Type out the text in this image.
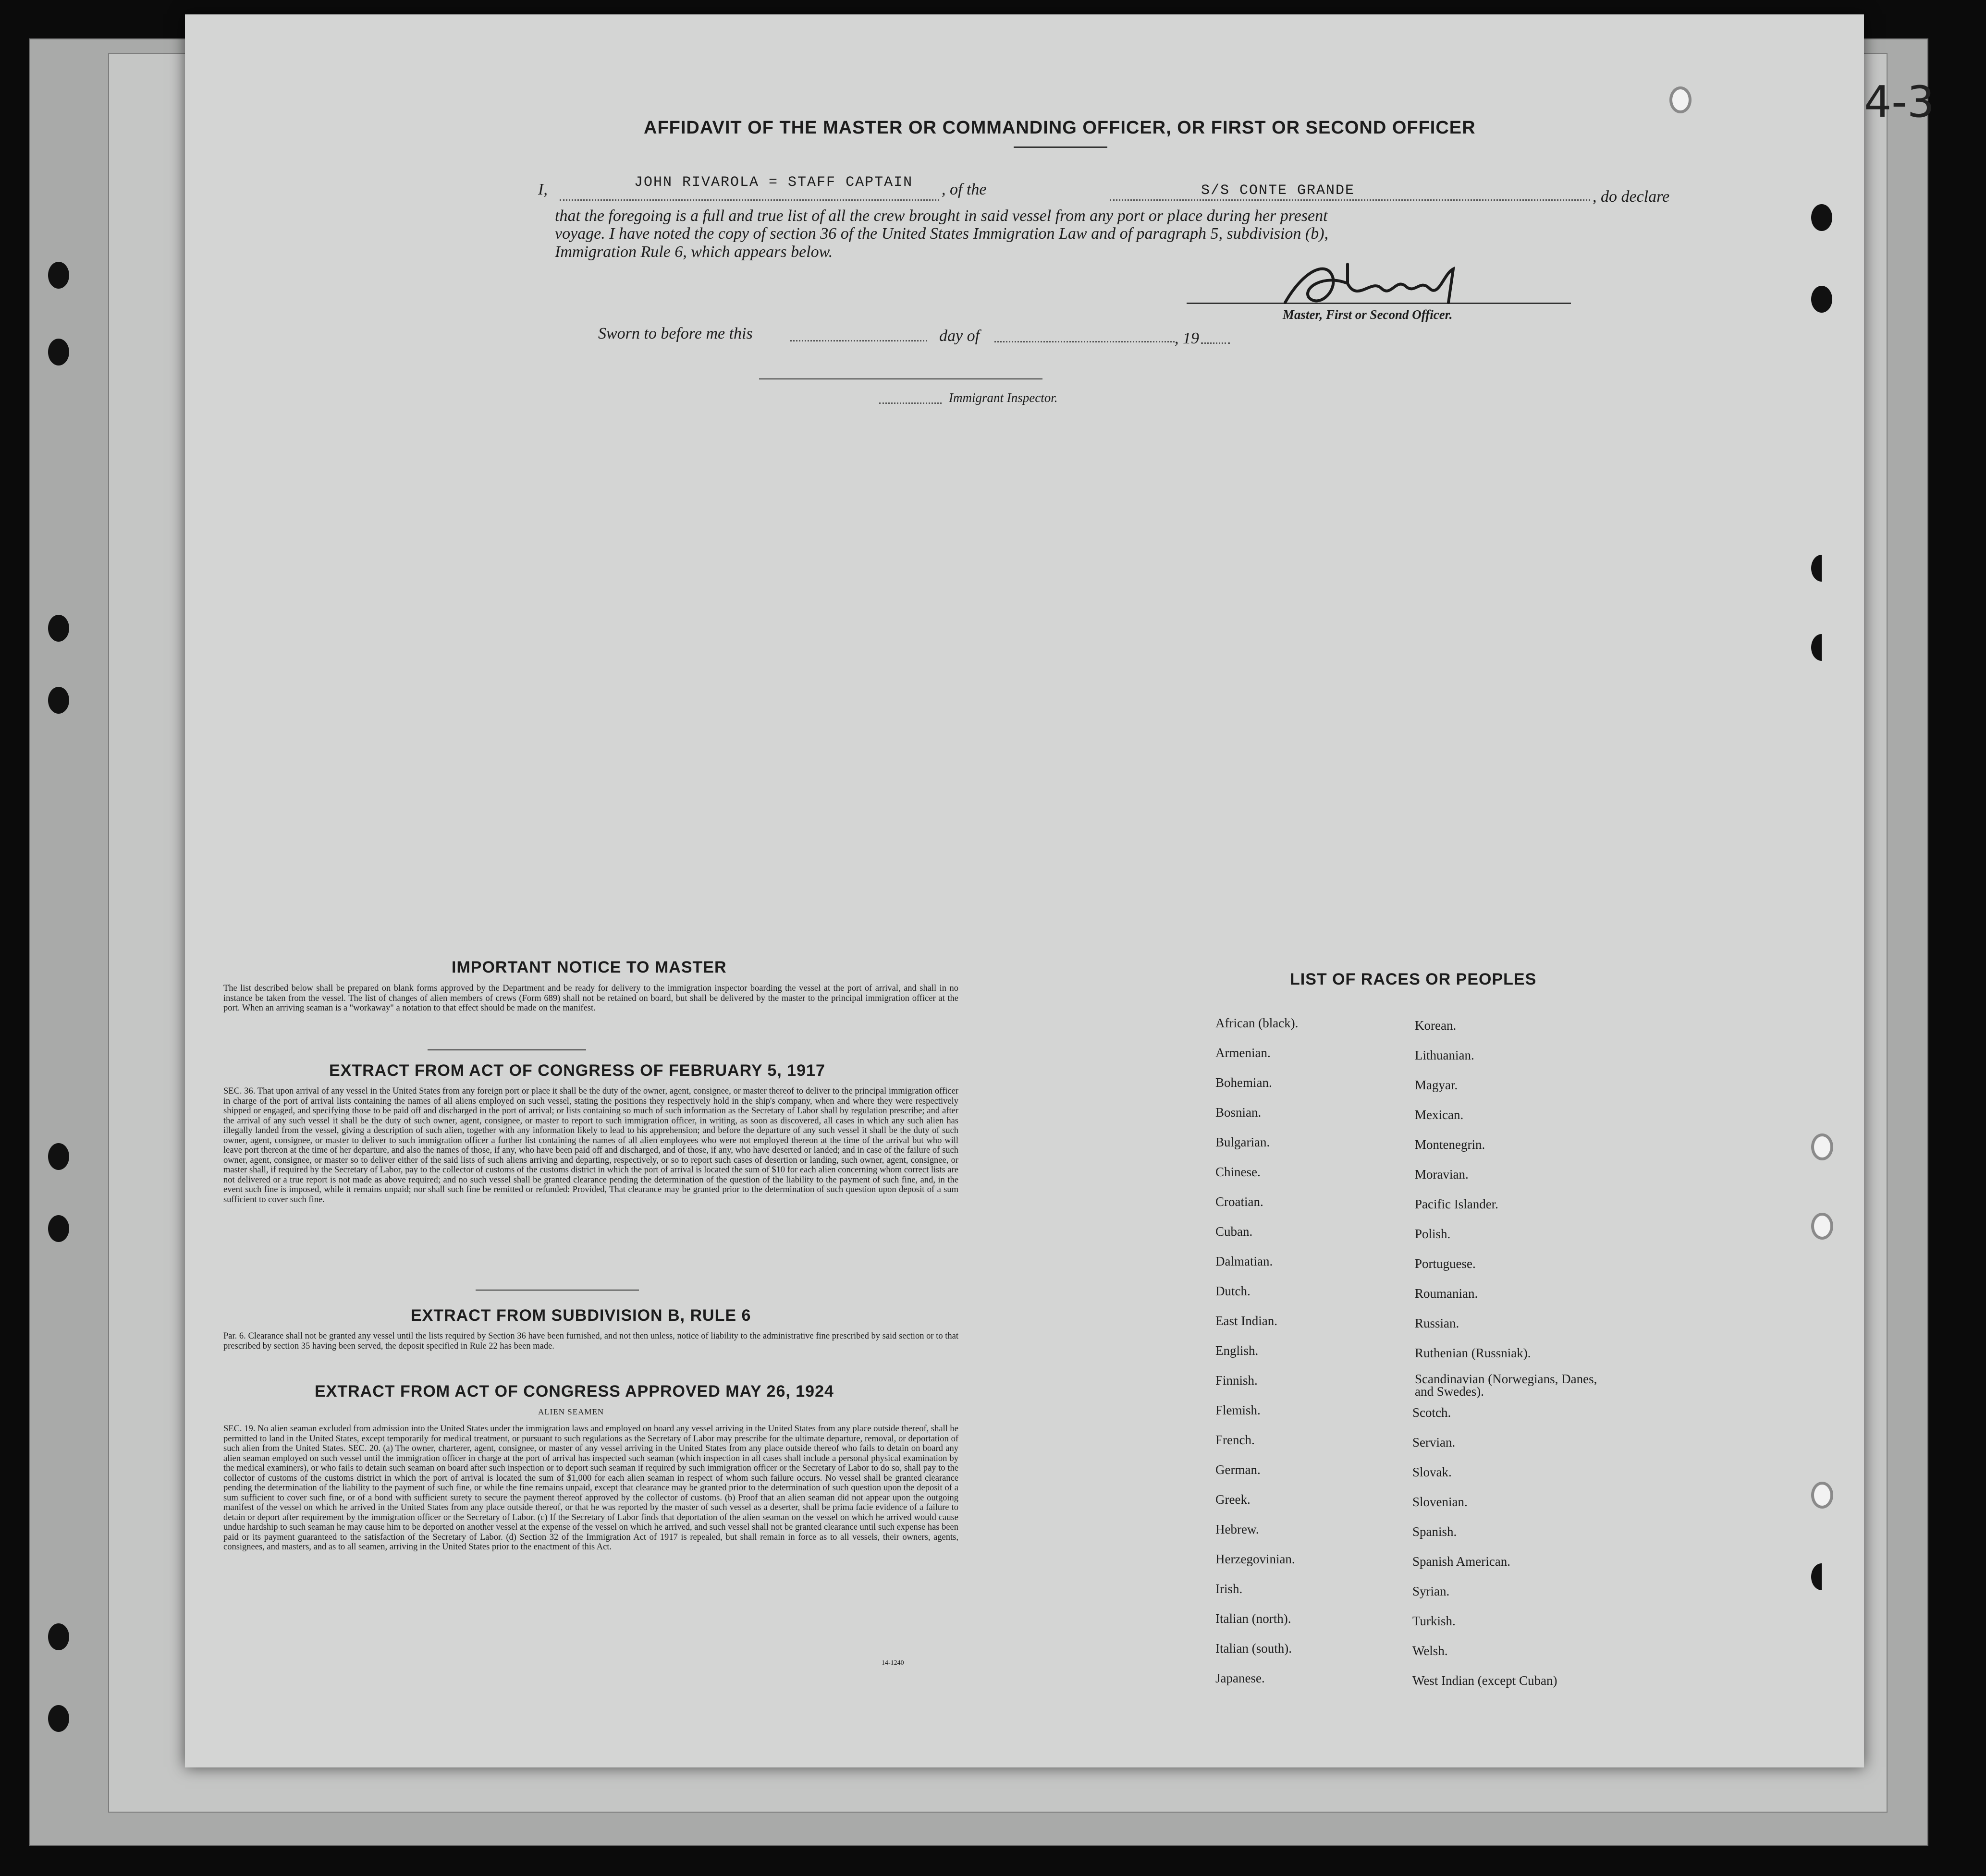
AFFIDAVIT OF THE MASTER OR COMMANDING OFFICER, OR FIRST OR SECOND OFFICER
I,	JOHN RIVAROLA = STAFF CAPTAIN , of the	S/S CONTE GRANDE	, do declare
that the foregoing is a full and true list of all the crew brought in said vessel from any port or place during her present
voyage. I have noted the copy of section 36 of the United States Immigration Law and of paragraph 5, subdivision (b),
Immigration Rule 6, which appears below.
Master, First or Second Officer.
Sworn to before me this	day of	, 19
Immigrant Inspector.
IMPORTANT NOTICE TO MASTER
The list described below shall be prepared on blank forms approved by the Department and be ready for delivery to the immigration inspector boarding the vessel at the port of arrival, and shall in no instance be taken from the vessel. The list of changes of alien members of crews (Form 689) shall not be retained on board, but shall be delivered by the master to the principal immigration officer at the port. When an arriving seaman is a "workaway" a notation to that effect should be made on the manifest.
EXTRACT FROM ACT OF CONGRESS OF FEBRUARY 5, 1917
SEC. 36. That upon arrival of any vessel in the United States from any foreign port or place it shall be the duty of the owner, agent, consignee, or master thereof to deliver to the principal immigration officer in charge of the port of arrival lists containing the names of all aliens employed on such vessel, stating the positions they respectively hold in the ship's company, when and where they were respectively shipped or engaged, and specifying those to be paid off and discharged in the port of arrival; or lists containing so much of such information as the Secretary of Labor shall by regulation prescribe; and after the arrival of any such vessel it shall be the duty of such owner, agent, consignee, or master to report to such immigration officer, in writing, as soon as discovered, all cases in which any such alien has illegally landed from the vessel, giving a description of such alien, together with any information likely to lead to his apprehension; and before the departure of any such vessel it shall be the duty of such owner, agent, consignee, or master to deliver to such immigration officer a further list containing the names of all alien employees who were not employed thereon at the time of the arrival but who will leave port thereon at the time of her departure, and also the names of those, if any, who have been paid off and discharged, and of those, if any, who have deserted or landed; and in case of the failure of such owner, agent, consignee, or master so to deliver either of the said lists of such aliens arriving and departing, respectively, or so to report such cases of desertion or landing, such owner, agent, consignee, or master shall, if required by the Secretary of Labor, pay to the collector of customs of the customs district in which the port of arrival is located the sum of $10 for each alien concerning whom correct lists are not delivered or a true report is not made as above required; and no such vessel shall be granted clearance pending the determination of the question of the liability to the payment of such fine, and, in the event such fine is imposed, while it remains unpaid; nor shall such fine be remitted or refunded: Provided, That clearance may be granted prior to the determination of such question upon deposit of a sum sufficient to cover such fine.
EXTRACT FROM SUBDIVISION B, RULE 6
Par. 6. Clearance shall not be granted any vessel until the lists required by Section 36 have been furnished, and not then unless, notice of liability to the administrative fine prescribed by said section or to that prescribed by section 35 having been served, the deposit specified in Rule 22 has been made.
EXTRACT FROM ACT OF CONGRESS APPROVED MAY 26, 1924
ALIEN SEAMEN
SEC. 19. No alien seaman excluded from admission into the United States under the immigration laws and employed on board any vessel arriving in the United States from any place outside thereof, shall be permitted to land in the United States, except temporarily for medical treatment, or pursuant to such regulations as the Secretary of Labor may prescribe for the ultimate departure, removal, or deportation of such alien from the United States. SEC. 20. (a) The owner, charterer, agent, consignee, or master of any vessel arriving in the United States from any place outside thereof who fails to detain on board any alien seaman employed on such vessel until the immigration officer in charge at the port of arrival has inspected such seaman (which inspection in all cases shall include a personal physical examination by the medical examiners), or who fails to detain such seaman on board after such inspection or to deport such seaman if required by such immigration officer or the Secretary of Labor to do so, shall pay to the collector of customs of the customs district in which the port of arrival is located the sum of $1,000 for each alien seaman in respect of whom such failure occurs. No vessel shall be granted clearance pending the determination of the liability to the payment of such fine, or while the fine remains unpaid, except that clearance may be granted prior to the determination of such question upon the deposit of a sum sufficient to cover such fine, or of a bond with sufficient surety to secure the payment thereof approved by the collector of customs. (b) Proof that an alien seaman did not appear upon the outgoing manifest of the vessel on which he arrived in the United States from any place outside thereof, or that he was reported by the master of such vessel as a deserter, shall be prima facie evidence of a failure to detain or deport after requirement by the immigration officer or the Secretary of Labor. (c) If the Secretary of Labor finds that deportation of the alien seaman on the vessel on which he arrived would cause undue hardship to such seaman he may cause him to be deported on another vessel at the expense of the vessel on which he arrived, and such vessel shall not be granted clearance until such expense has been paid or its payment guaranteed to the satisfaction of the Secretary of Labor. (d) Section 32 of the Immigration Act of 1917 is repealed, but shall remain in force as to all vessels, their owners, agents, consignees, and masters, and as to all seamen, arriving in the United States prior to the enactment of this Act.
14-1240
LIST OF RACES OR PEOPLES
African (black).
Armenian.
Bohemian.
Bosnian.
Bulgarian.
Chinese.
Croatian.
Cuban.
Dalmatian.
Dutch.
East Indian.
English.
Finnish.
Flemish.
French.
German.
Greek.
Hebrew.
Herzegovinian.
Irish.
Italian (north).
Italian (south).
Japanese.
Korean.
Lithuanian.
Magyar.
Mexican.
Montenegrin.
Moravian.
Pacific Islander.
Polish.
Portuguese.
Roumanian.
Russian.
Ruthenian (Russniak).
Scandinavian (Norwegians, Danes, and Swedes).
Scotch.
Servian.
Slovak.
Slovenian.
Spanish.
Spanish American.
Syrian.
Turkish.
Welsh.
West Indian (except Cuban)
4-3
